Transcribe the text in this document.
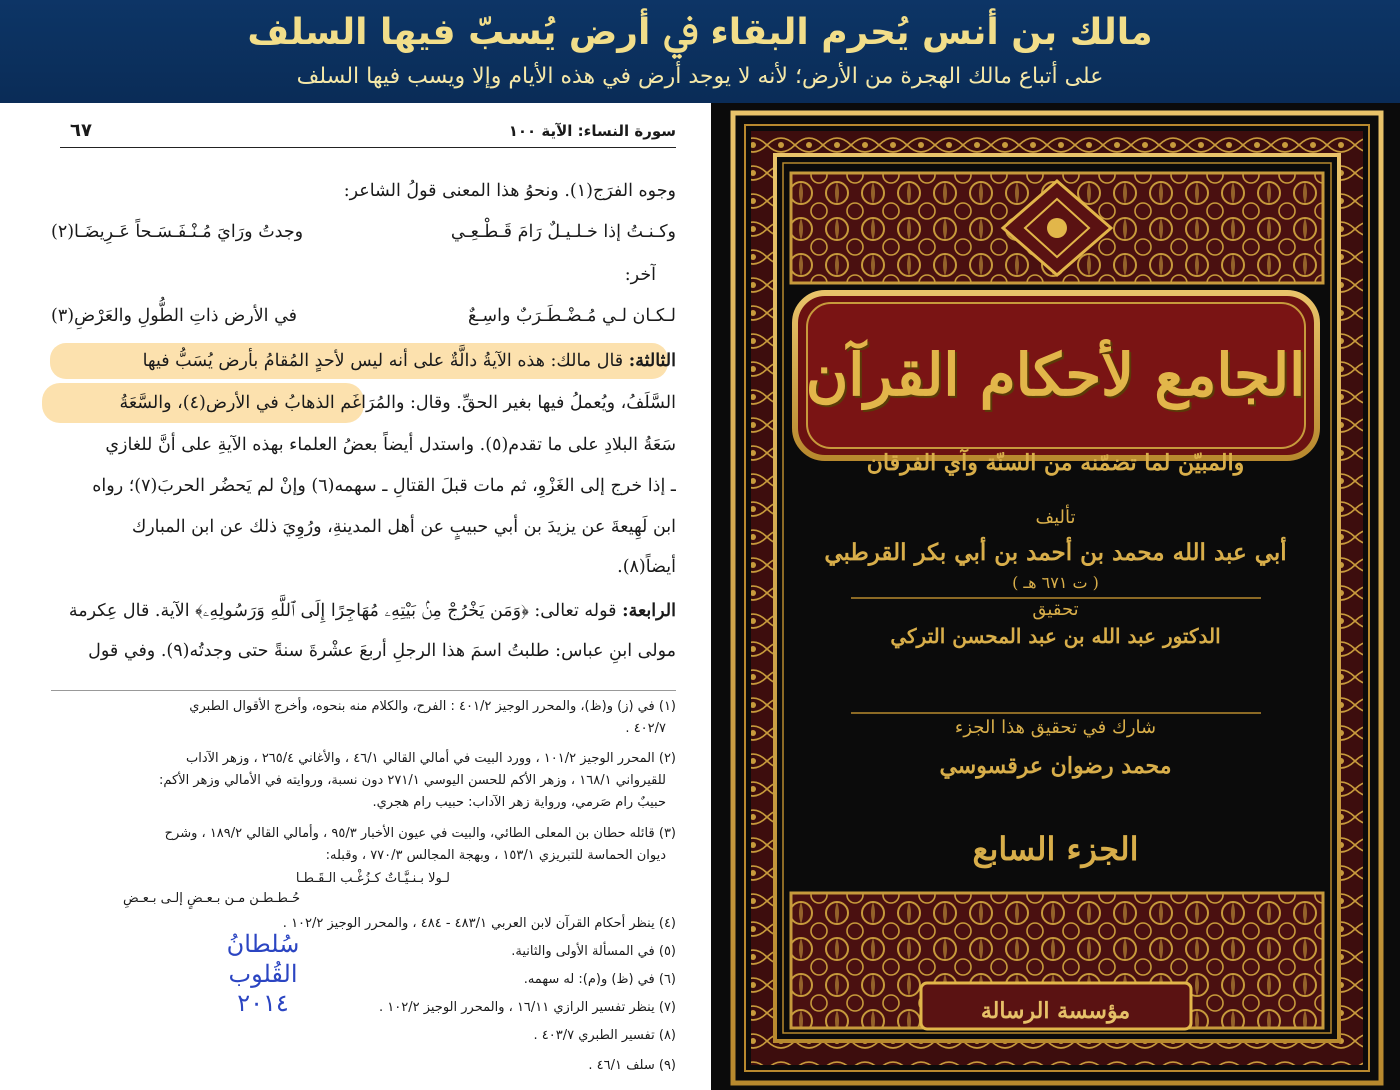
مالك بن أنس يُحرم البقاء ﰲ أرض يُسبّ فيها السلف
على أتباع مالك الهجرة من الأرض؛ لأنه لا يوجد أرض في هذه الأيام وإلا ويسب فيها السلف
سورة النساء: الآية ١٠٠
٦٧
وجوه الفرَج(١). ونحوُ هذا المعنى قولُ الشاعر:
وكـنـتُ إذا خـلـيـلٌ رَامَ قَـطْـعِـي
وجدتُ ورَايَ مُـنْـفَـسَـحاً عَـرِيضَـا(٢)
آخر:
لـكـان لـي مُـضْـطَـرَبٌ واسِـعٌ
في الأرض ذاتِ الطُّولِ والعَرْضِ(٣)
الثالثة: قال مالك: هذه الآيةُ دالَّةٌ على أنه ليس لأحدٍ المُقامُ بأرض يُسَبُّ فيها
السَّلَفُ، ويُعملُ فيها بغير الحقِّ. وقال: والمُرَاغَم الذهابُ في الأرض(٤)، والسَّعَةُ
سَعَةُ البلادِ على ما تقدم(٥). واستدل أيضاً بعضُ العلماء بهذه الآيةِ على أنَّ للغازي
ـ إذا خرج إلى الغَزْوِ، ثم مات قبلَ القتالِ ـ سهمه(٦) وإنْ لم يَحضُر الحربَ(٧)؛ رواه
ابن لَهِيعةَ عن يزيدَ بن أبي حبيبٍ عن أهل المدينةِ، ورُوِيَ ذلك عن ابن المبارك
أيضاً(٨).
الرابعة: قوله تعالى: ﴿وَمَن يَخْرُجْ مِنۢ بَيْتِهِۦ مُهَاجِرًا إِلَى ٱللَّهِ وَرَسُولِهِۦ﴾ الآية. قال عِكرمة
مولى ابنِ عباس: طلبتُ اسمَ هذا الرجلِ أربعَ عشْرةَ سنةً حتى وجدتُه(٩). وفي قول
(١) في (ز) و(ظ)، والمحرر الوجيز ٤٠١/٢ : الفرح، والكلام منه بنحوه، وأخرج الأقوال الطبري
٤٠٢/٧ .
(٢) المحرر الوجيز ١٠١/٢ ، وورد البيت في أمالي القالي ٤٦/١ ، والأغاني ٢٦٥/٤ ، وزهر الآداب
للقيرواني ١٦٨/١ ، وزهر الأكم للحسن اليوسي ٢٧١/١ دون نسبة، وروايته في الأمالي وزهر الأكم:
حبيبٌ رام صَرمي، ورواية زهر الآداب: حبيب رام هجري.
(٣) قائله حطان بن المعلى الطائي، والبيت في عيون الأخبار ٩٥/٣ ، وأمالي القالي ١٨٩/٢ ، وشرح
ديوان الحماسة للتبريزي ١٥٣/١ ، وبهجة المجالس ٧٧٠/٣ ، وقبله:
لـولا بـنـيَّـاتٌ كـزُغْـب الـقَـطـا
حُـطـطـن مـن بـعـضٍ إلـى بـعـضِ
(٤) ينظر أحكام القرآن لابن العربي ٤٨٣/١ - ٤٨٤ ، والمحرر الوجيز ١٠٢/٢ .
(٥) في المسألة الأولى والثانية.
(٦) في (ظ) و(م): له سهمه.
(٧) ينظر تفسير الرازي ١٦/١١ ، والمحرر الوجيز ١٠٢/٢ .
(٨) تفسير الطبري ٤٠٣/٧ .
(٩) سلف ٤٦/١ .
سُلطانُ القُلوب
٢٠١٤
الجامع لأحكام القرآن
والمبيّن لما تضمّنه من السنّة وآي الفرقان
تأليف
أبي عبد الله محمد بن أحمد بن أبي بكر القرطبي
( ت ٦٧١ هـ )
تحقيق
الدكتور عبد الله بن عبد المحسن التركي
شارك في تحقيق هذا الجزء
محمد رضوان عرقسوسي
الجزء السابع
مؤسسة الرسالة
